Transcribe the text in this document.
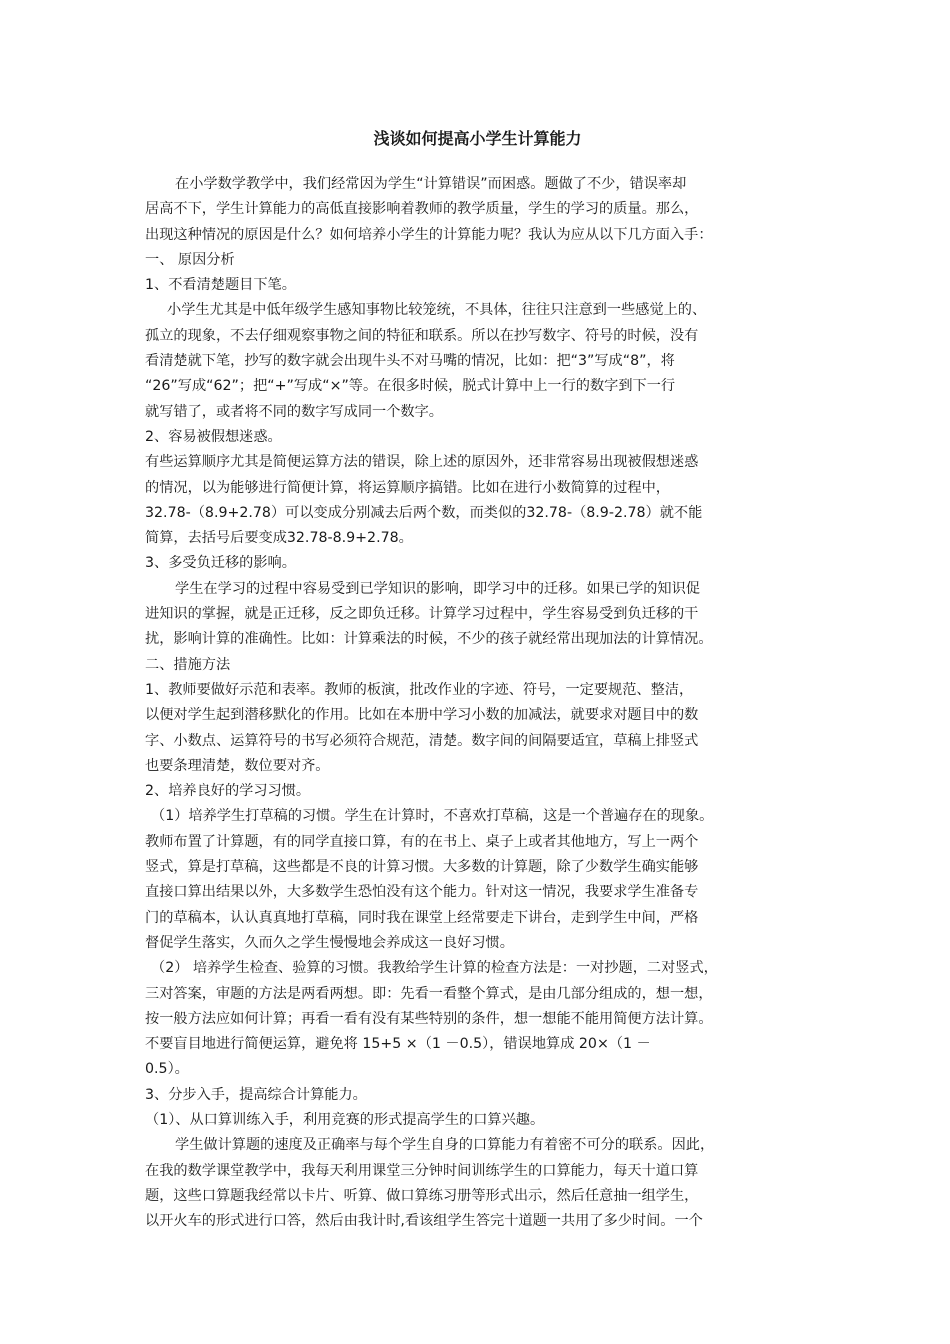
浅谈如何提高小学生计算能力
在小学数学教学中，我们经常因为学生“计算错误”而困惑。题做了不少，错误率却
居高不下，学生计算能力的高低直接影响着教师的教学质量，学生的学习的质量。那么，
出现这种情况的原因是什么？如何培养小学生的计算能力呢？我认为应从以下几方面入手：
一、 原因分析
1、不看清楚题目下笔。
小学生尤其是中低年级学生感知事物比较笼统，不具体，往往只注意到一些感觉上的、
孤立的现象，不去仔细观察事物之间的特征和联系。所以在抄写数字、符号的时候，没有
看清楚就下笔，抄写的数字就会出现牛头不对马嘴的情况，比如：把“3”写成“8”，将
“26”写成“62”；把“+”写成“×”等。在很多时候，脱式计算中上一行的数字到下一行
就写错了，或者将不同的数字写成同一个数字。
2、容易被假想迷惑。
有些运算顺序尤其是简便运算方法的错误，除上述的原因外，还非常容易出现被假想迷惑
的情况，以为能够进行简便计算，将运算顺序搞错。比如在进行小数简算的过程中，
32.78-（8.9+2.78）可以变成分别减去后两个数，而类似的32.78-（8.9-2.78）就不能
简算，去括号后要变成32.78-8.9+2.78。
3、多受负迁移的影响。
学生在学习的过程中容易受到已学知识的影响，即学习中的迁移。如果已学的知识促
进知识的掌握，就是正迁移，反之即负迁移。计算学习过程中，学生容易受到负迁移的干
扰，影响计算的准确性。比如：计算乘法的时候，不少的孩子就经常出现加法的计算情况。
二、措施方法
1、教师要做好示范和表率。教师的板演，批改作业的字迹、符号，一定要规范、整洁，
以便对学生起到潜移默化的作用。比如在本册中学习小数的加减法，就要求对题目中的数
字、小数点、运算符号的书写必须符合规范，清楚。数字间的间隔要适宜，草稿上排竖式
也要条理清楚，数位要对齐。
2、培养良好的学习习惯。
（1）培养学生打草稿的习惯。学生在计算时，不喜欢打草稿，这是一个普遍存在的现象。
教师布置了计算题，有的同学直接口算，有的在书上、桌子上或者其他地方，写上一两个
竖式，算是打草稿，这些都是不良的计算习惯。大多数的计算题，除了少数学生确实能够
直接口算出结果以外，大多数学生恐怕没有这个能力。针对这一情况，我要求学生准备专
门的草稿本，认认真真地打草稿，同时我在课堂上经常要走下讲台，走到学生中间，严格
督促学生落实，久而久之学生慢慢地会养成这一良好习惯。
（2） 培养学生检查、验算的习惯。我教给学生计算的检查方法是：一对抄题，二对竖式，
三对答案，审题的方法是两看两想。即：先看一看整个算式，是由几部分组成的，想一想，
按一般方法应如何计算；再看一看有没有某些特别的条件，想一想能不能用简便方法计算。
不要盲目地进行简便运算，避免将 15+5 ×（1 －0.5），错误地算成 20×（1 －
0.5）。
3、分步入手，提高综合计算能力。
（1）、从口算训练入手，利用竞赛的形式提高学生的口算兴趣。
学生做计算题的速度及正确率与每个学生自身的口算能力有着密不可分的联系。因此，
在我的数学课堂教学中，我每天利用课堂三分钟时间训练学生的口算能力，每天十道口算
题，这些口算题我经常以卡片、听算、做口算练习册等形式出示，然后任意抽一组学生，
以开火车的形式进行口答，然后由我计时,看该组学生答完十道题一共用了多少时间。一个
